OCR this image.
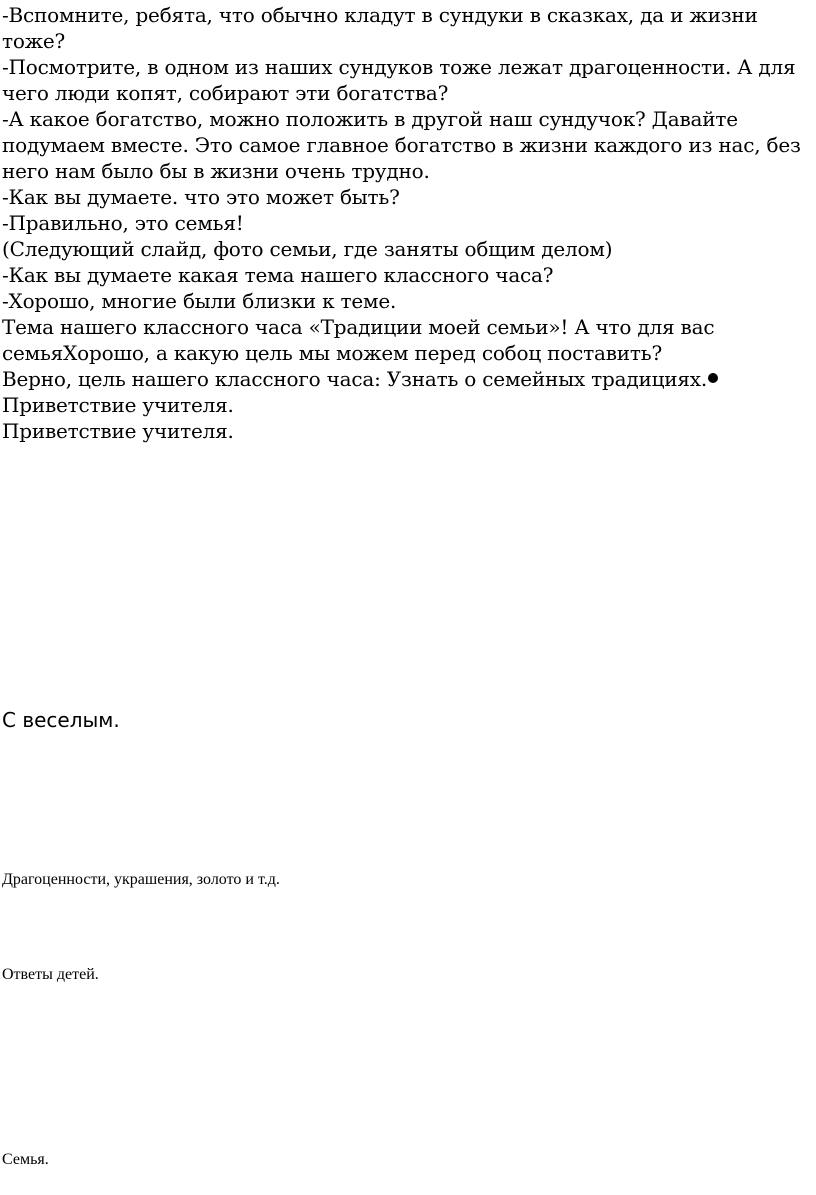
-Вспомните, ребята, что обычно кладут в сундуки в сказках, да и жизни тоже?
-Посмотрите, в одном из наших сундуков тоже лежат драгоценности. А для чего люди копят, собирают эти богатства?
-А какое богатство, можно положить в другой наш сундучок? Давайте подумаем вместе. Это самое главное богатство в жизни каждого из нас, без него нам было бы в жизни очень трудно.
-Как вы думаете. что это может быть?
-Правильно, это семья!
(Следующий слайд, фото семьи, где заняты общим делом)
-Как вы думаете какая тема нашего классного часа?
-Хорошо, многие были близки к теме.
Тема нашего классного часа «Традиции моей семьи»! А что для вас семьяХорошо, а какую цель мы можем перед собоц поставить?
Верно, цель нашего классного часа: Узнать о семейных традициях.Приветствие учителя.
Приветствие учителя.
С веселым.
Драгоценности, украшения, золото и т.д.
Ответы детей.
Семья.
